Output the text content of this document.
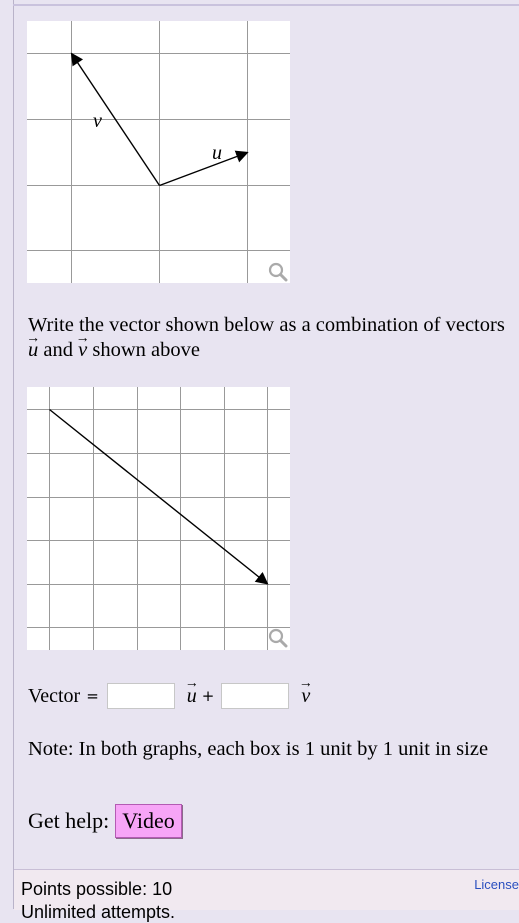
v
u
Write the vector shown below as a combination of vectors → u and → v shown above
Vector =	→ u +	→ v
Note: In both graphs, each box is 1 unit by 1 unit in size
Get help: Video
Points possible: 10
Unlimited attempts.
License
